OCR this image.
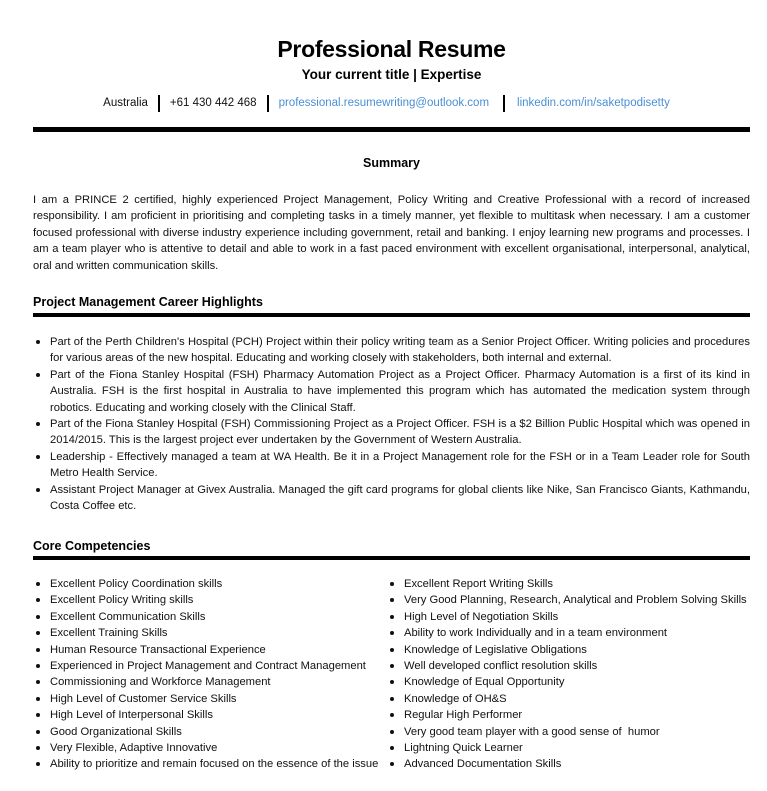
Professional Resume
Your current title | Expertise
Australia	+61 430 442 468	professional.resumewriting@outlook.com	linkedin.com/in/saketpodisetty
Summary

I am a PRINCE 2 certified, highly experienced Project Management, Policy Writing and Creative Professional with a record of increased responsibility. I am proficient in prioritising and completing tasks in a timely manner, yet flexible to multitask when necessary. I am a customer focused professional with diverse industry experience including government, retail and banking. I enjoy learning new programs and processes. I am a team player who is attentive to detail and able to work in a fast paced environment with excellent organisational, interpersonal, analytical, oral and written communication skills.

Project Management Career Highlights
Part of the Perth Children's Hospital (PCH) Project within their policy writing team as a Senior Project Officer. Writing policies and procedures for various areas of the new hospital. Educating and working closely with stakeholders, both internal and external.
Part of the Fiona Stanley Hospital (FSH) Pharmacy Automation Project as a Project Officer. Pharmacy Automation is a first of its kind in Australia. FSH is the first hospital in Australia to have implemented this program which has automated the medication system through robotics. Educating and working closely with the Clinical Staff.
Part of the Fiona Stanley Hospital (FSH) Commissioning Project as a Project Officer. FSH is a $2 Billion Public Hospital which was opened in 2014/2015. This is the largest project ever undertaken by the Government of Western Australia.
Leadership - Effectively managed a team at WA Health. Be it in a Project Management role for the FSH or in a Team Leader role for South Metro Health Service.
Assistant Project Manager at Givex Australia. Managed the gift card programs for global clients like Nike, San Francisco Giants, Kathmandu, Costa Coffee etc.
Core Competencies
Excellent Policy Coordination skills
Excellent Policy Writing skills
Excellent Communication Skills
Excellent Training Skills
Human Resource Transactional Experience
Experienced in Project Management and Contract Management
Commissioning and Workforce Management
High Level of Customer Service Skills
High Level of Interpersonal Skills
Good Organizational Skills
Very Flexible, Adaptive Innovative
Ability to prioritize and remain focused on the essence of the issue
Excellent Report Writing Skills
Very Good Planning, Research, Analytical and Problem Solving Skills
High Level of Negotiation Skills
Ability to work Individually and in a team environment
Knowledge of Legislative Obligations
Well developed conflict resolution skills
Knowledge of Equal Opportunity
Knowledge of OH&S
Regular High Performer
Very good team player with a good sense of  humor
Lightning Quick Learner
Advanced Documentation Skills
